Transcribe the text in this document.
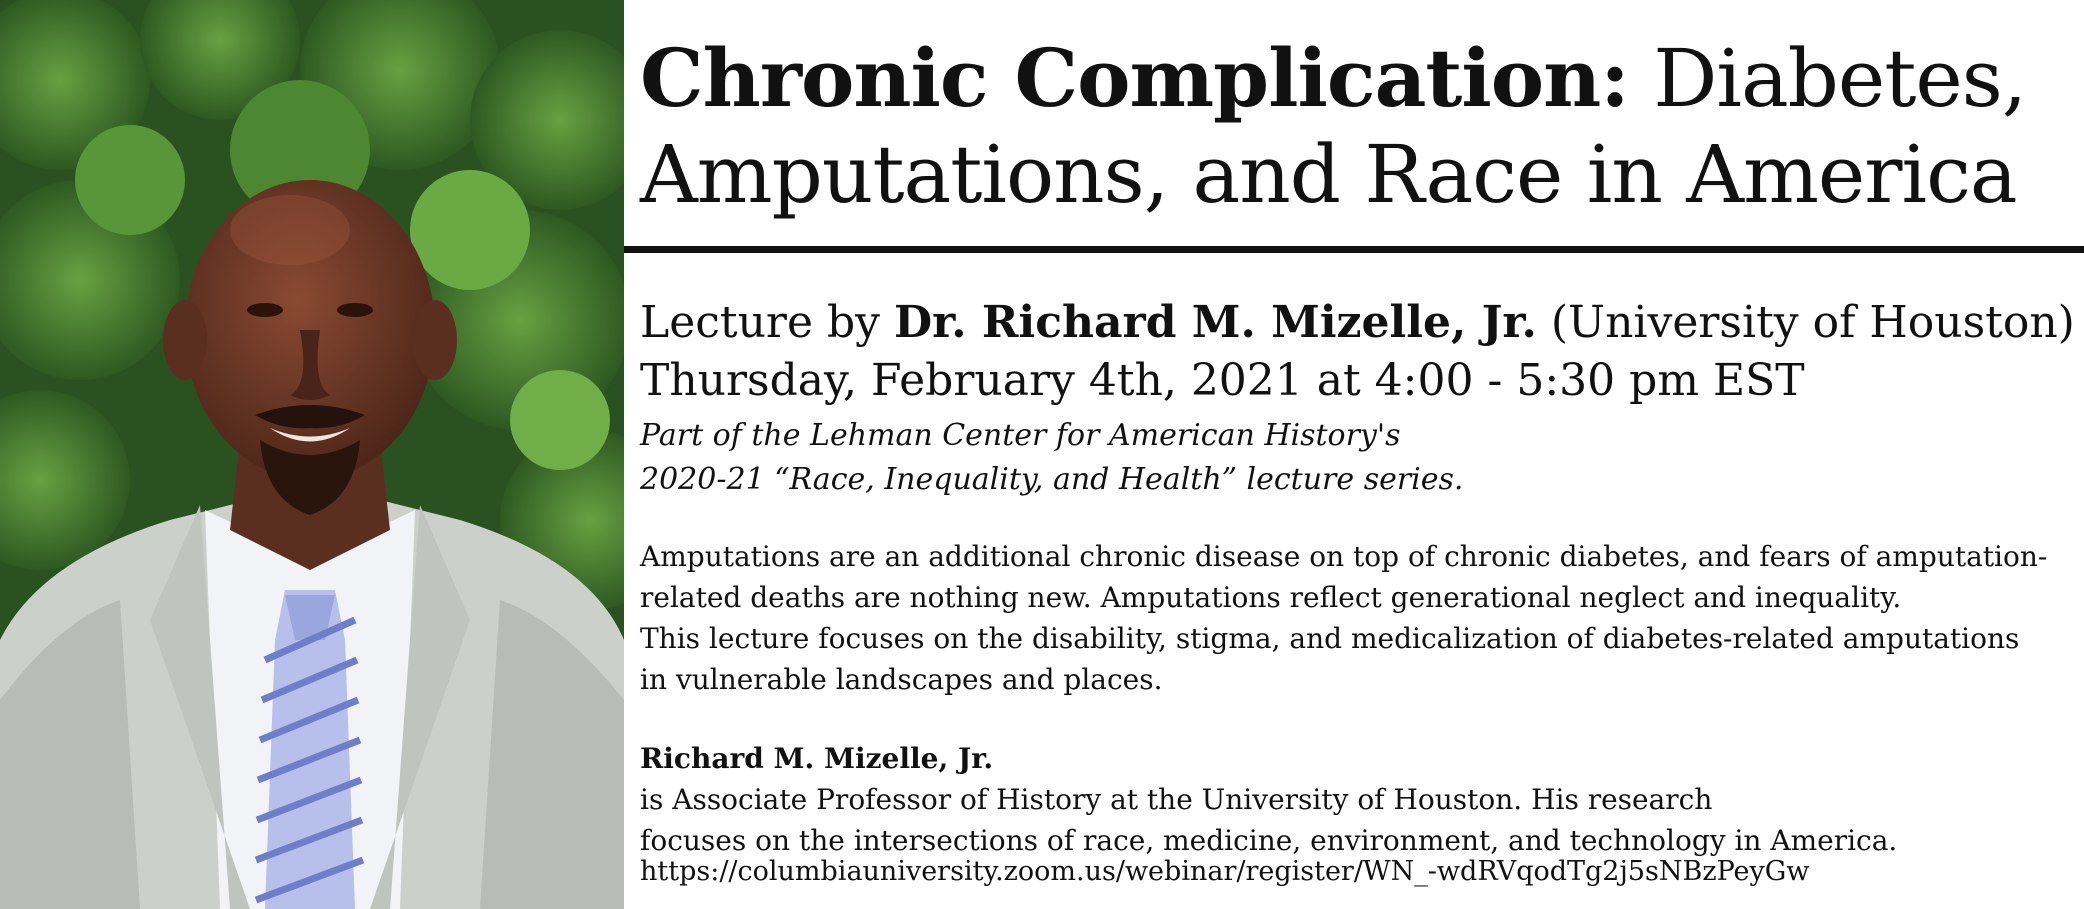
Chronic Complication: Diabetes,
Amputations, and Race in America
Lecture by Dr. Richard M. Mizelle, Jr. (University of Houston)
Thursday, February 4th, 2021 at 4:00 - 5:30 pm EST
Part of the Lehman Center for American History's
2020-21 “Race, Inequality, and Health” lecture series.
Amputations are an additional chronic disease on top of chronic diabetes, and fears of amputation-
related deaths are nothing new. Amputations reflect generational neglect and inequality.
This lecture focuses on the disability, stigma, and medicalization of diabetes-related amputations
in vulnerable landscapes and places.
Richard M. Mizelle, Jr.
is Associate Professor of History at the University of Houston. His research
focuses on the intersections of race, medicine, environment, and technology in America.
https://columbiauniversity.zoom.us/webinar/register/WN_-wdRVqodTg2j5sNBzPeyGw
